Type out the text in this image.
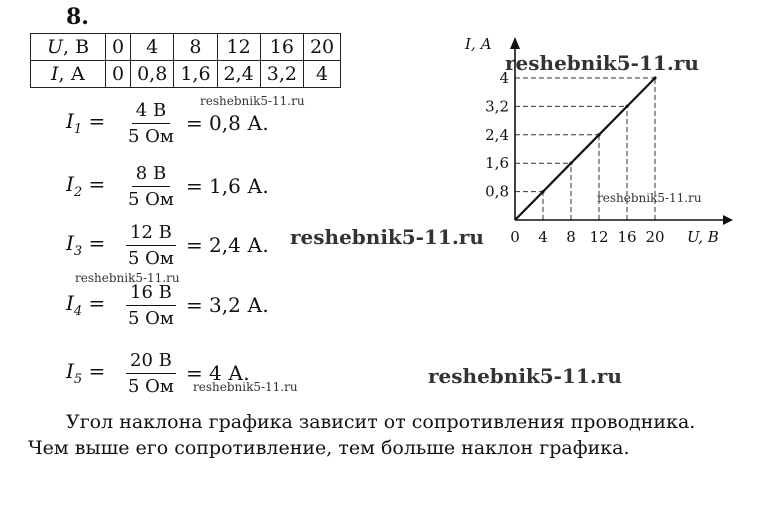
8.
U, В	0	4	8	12	16	20
I, А	0	0,8	1,6	2,4	3,2	4
$I_1$ =	$\frac{4 В}{5 Ом} = 0,8$ А.
$I_2$ =	$\frac{8 В}{5 Ом} = 1,6$ А.
$I_3$ =	$\frac{12 В}{5 Ом} = 2,4$ А.
$I_4$ =	$\frac{16 В}{5 Ом} = 3,2$ А.
$I_5$ =	$\frac{20 В}{5 Ом} = 4$ А.
reshebnik5-11.ru
reshebnik5-11.ru
reshebnik5-11.ru
reshebnik5-11.ru
reshebnik5-11.ru
reshebnik5-11.ru
reshebnik5-11.ru
Угол наклона графика зависит от сопротивления проводника.
Чем выше его сопротивление, тем больше наклон графика.
I, А
U, В
0 4 8 12 16 20
0,8
1,6
2,4
3,2
4
